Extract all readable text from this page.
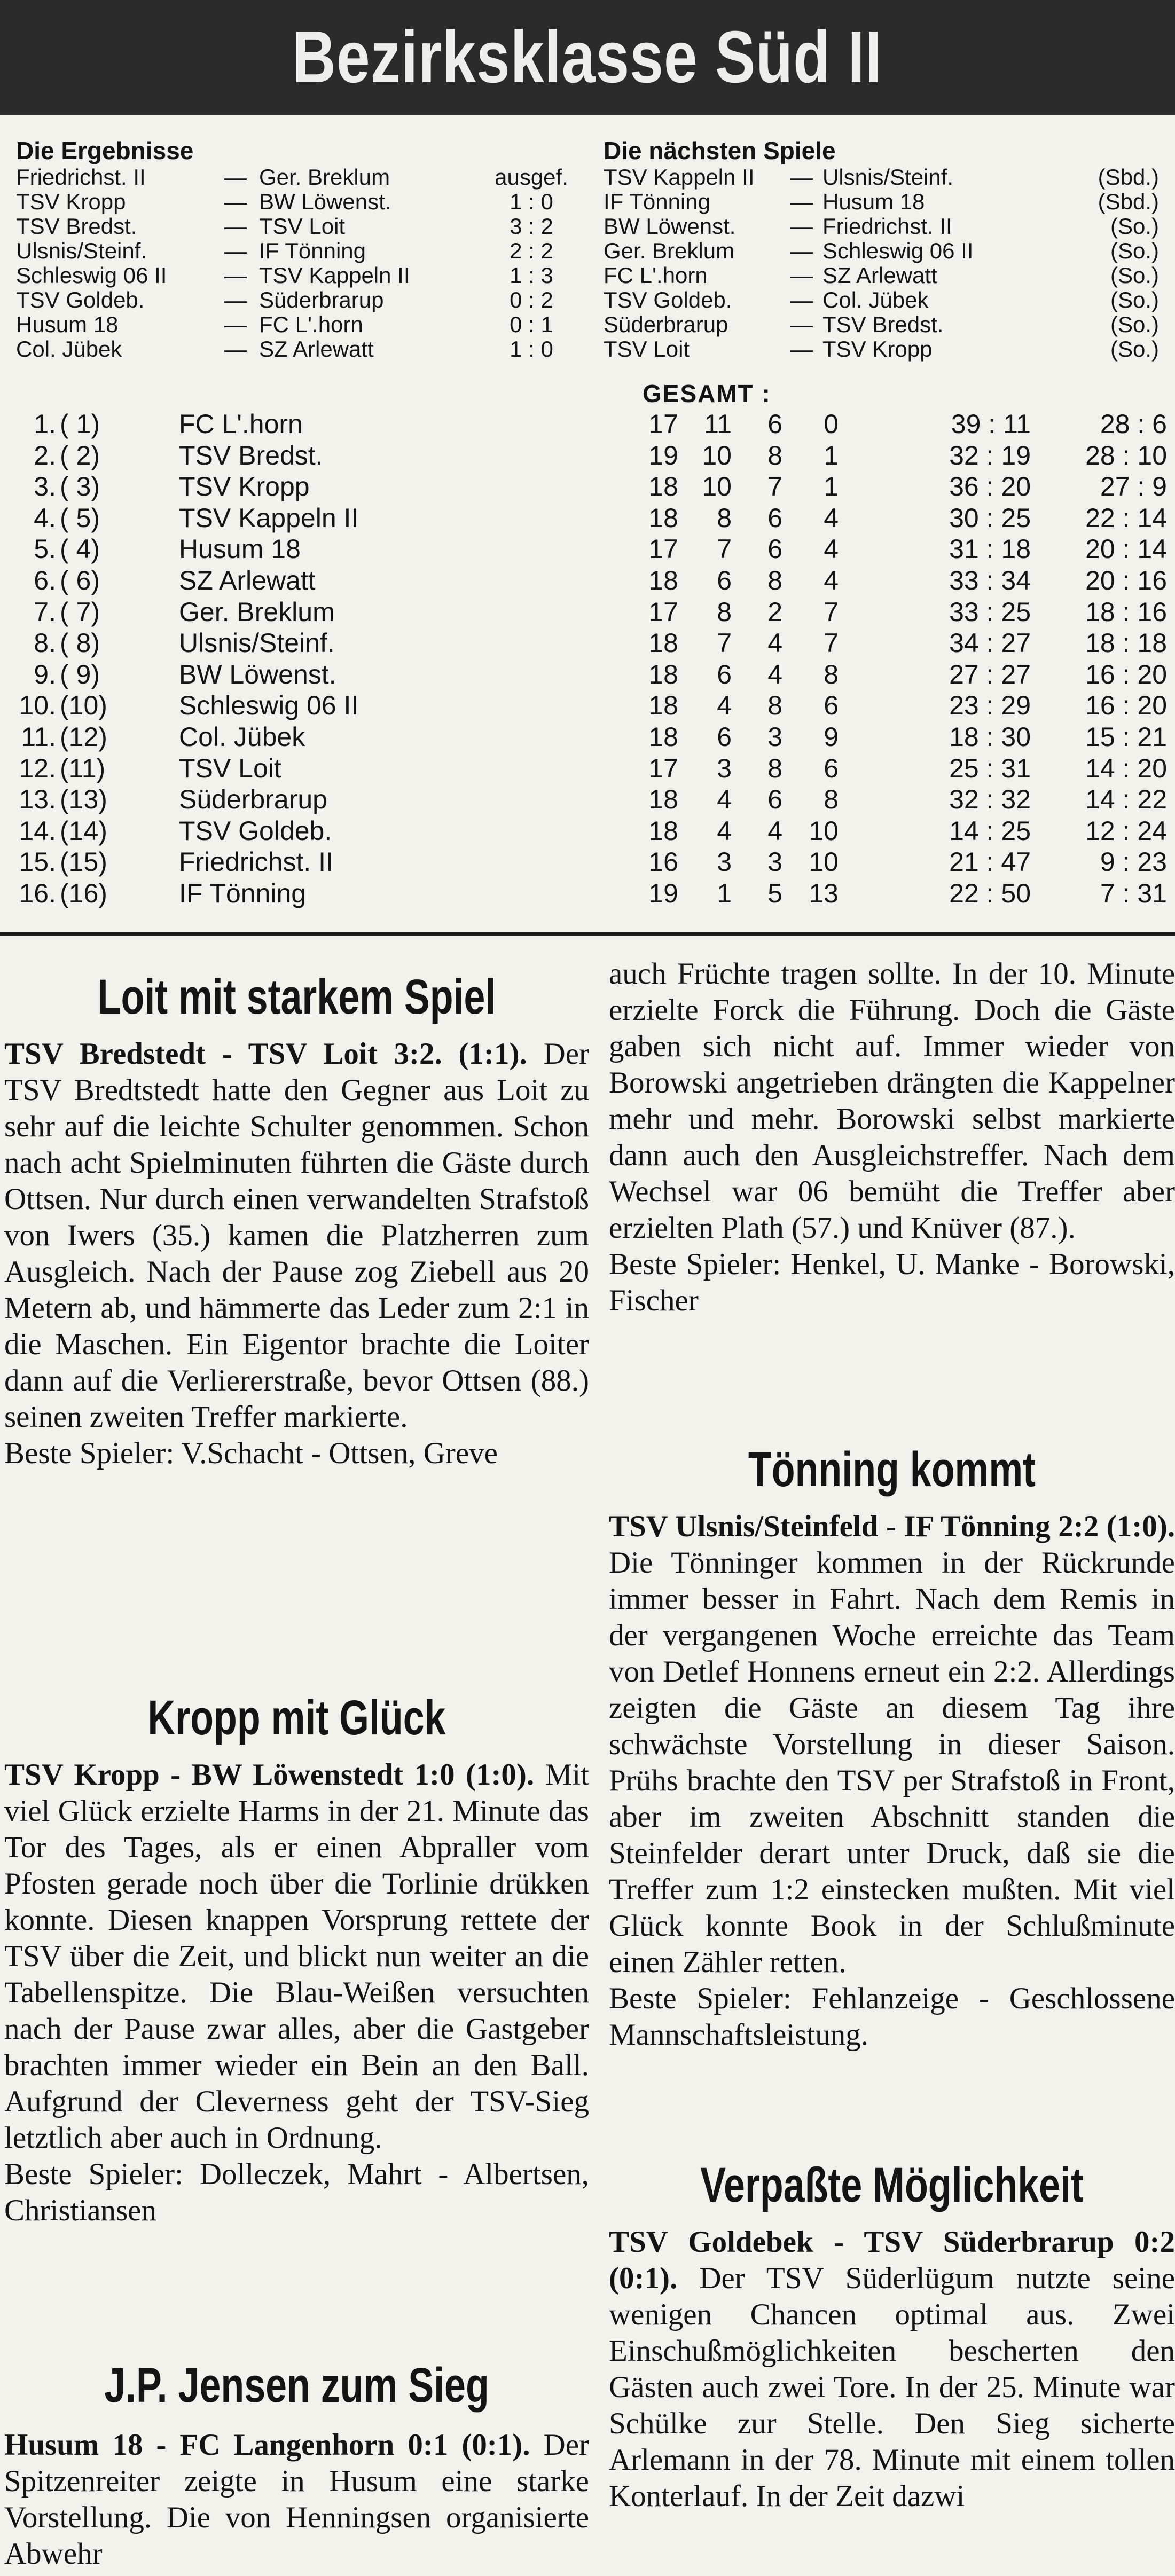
Bezirksklasse Süd II
Die Ergebnisse	Die nächsten Spiele
Friedrichst. II	— Ger. Breklum	ausgef.
TSV Kropp	— BW Löwenst.	1 : 0
TSV Bredst.	— TSV Loit	3 : 2
Ulsnis/Steinf.	— IF Tönning	2 : 2
Schleswig 06 II	— TSV Kappeln II	1 : 3
TSV Goldeb.	— Süderbrarup	0 : 2
Husum 18	— FC L'.horn	0 : 1
Col. Jübek	— SZ Arlewatt	1 : 0
TSV Kappeln II — Ulsnis/Steinf.	(Sbd.)
IF Tönning	— Husum 18	(Sbd.)
BW Löwenst. — Friedrichst. II	(So.)
Ger. Breklum — Schleswig 06 II	(So.)
FC L'.horn	— SZ Arlewatt	(So.)
TSV Goldeb.	— Col. Jübek	(So.)
Süderbrarup	— TSV Bredst.	(So.)
TSV Loit	— TSV Kropp	(So.)
GESAMT :
1. ( 1)	FC L'.horn	17 11	6	0	39 : 11	28 : 6
2. ( 2)	TSV Bredst.	19 10	8	1	32 : 19	28 : 10
3. ( 3)	TSV Kropp	18 10	7	1	36 : 20	27 : 9
4. ( 5)	TSV Kappeln II	18	8	6	4	30 : 25	22 : 14
5. ( 4)	Husum 18	17	7	6	4	31 : 18	20 : 14
6. ( 6)	SZ Arlewatt	18	6	8	4	33 : 34	20 : 16
7. ( 7)	Ger. Breklum	17	8	2	7	33 : 25	18 : 16
8. ( 8)	Ulsnis/Steinf.	18	7	4	7	34 : 27	18 : 18
9. ( 9)	BW Löwenst.	18	6	4	8	27 : 27	16 : 20
10. (10)	Schleswig 06 II	18	4	8	6	23 : 29	16 : 20
11. (12)	Col. Jübek	18	6	3	9	18 : 30	15 : 21
12. (11)	TSV Loit	17	3	8	6	25 : 31	14 : 20
13. (13)	Süderbrarup	18	4	6	8	32 : 32	14 : 22
14. (14)	TSV Goldeb.	18	4	4 10	14 : 25	12 : 24
15. (15)	Friedrichst. II	16	3	3 10	21 : 47	9 : 23
16. (16)	IF Tönning	19	1	5 13	22 : 50	7 : 31
Loit mit starkem Spiel
TSV Bredstedt - TSV Loit 3:2. (1:1). Der TSV Bredtstedt hatte den Gegner aus Loit zu sehr auf die leichte Schulter genommen. Schon nach acht Spielminuten führten die Gäste durch Ottsen. Nur durch einen verwandelten Strafstoß von Iwers (35.) kamen die Platzherren zum Ausgleich. Nach der Pause zog Ziebell aus 20 Metern ab, und hämmerte das Leder zum 2:1 in die Maschen. Ein Eigentor brachte die Loiter dann auf die Verliererstraße, bevor Ottsen (88.) seinen zweiten Treffer markierte.
Beste Spieler: V.Schacht - Ottsen, Greve
Kropp mit Glück
TSV Kropp - BW Löwenstedt 1:0 (1:0). Mit viel Glück erzielte Harms in der 21. Minute das Tor des Tages, als er einen Abpraller vom Pfosten gerade noch über die Torlinie drükken konnte. Diesen knappen Vorsprung rettete der TSV über die Zeit, und blickt nun weiter an die Tabellenspitze. Die Blau-Weißen versuchten nach der Pause zwar alles, aber die Gastgeber brachten immer wieder ein Bein an den Ball. Aufgrund der Cleverness geht der TSV-Sieg letztlich aber auch in Ordnung.
Beste Spieler: Dolleczek, Mahrt - Albertsen, Christiansen
J.P. Jensen zum Sieg
Husum 18 - FC Langenhorn 0:1 (0:1). Der Spitzenreiter zeigte in Husum eine starke Vorstellung. Die von Henningsen organisierte Abwehr
auch Früchte tragen sollte. In der 10. Minute erzielte Forck die Führung. Doch die Gäste gaben sich nicht auf. Immer wieder von Borowski angetrieben drängten die Kappelner mehr und mehr. Borowski selbst markierte dann auch den Ausgleichstreffer. Nach dem Wechsel war 06 bemüht die Treffer aber erzielten Plath (57.) und Knüver (87.).
Beste Spieler: Henkel, U. Manke - Borowski, Fischer
Tönning kommt
TSV Ulsnis/Steinfeld - IF Tönning 2:2 (1:0). Die Tönninger kommen in der Rückrunde immer besser in Fahrt. Nach dem Remis in der vergangenen Woche erreichte das Team von Detlef Honnens erneut ein 2:2. Allerdings zeigten die Gäste an diesem Tag ihre schwächste Vorstellung in dieser Saison. Prühs brachte den TSV per Strafstoß in Front, aber im zweiten Abschnitt standen die Steinfelder derart unter Druck, daß sie die Treffer zum 1:2 einstecken mußten. Mit viel Glück konnte Book in der Schlußminute einen Zähler retten.
Beste Spieler: Fehlanzeige - Geschlossene Mannschaftsleistung.
Verpaßte Möglichkeit
TSV Goldebek - TSV Süderbrarup 0:2 (0:1). Der TSV Süderlügum nutzte seine wenigen Chancen optimal aus. Zwei Einschußmöglichkeiten bescherten den Gästen auch zwei Tore. In der 25. Minute war Schülke zur Stelle. Den Sieg sicherte Arlemann in der 78. Minute mit einem tollen Konterlauf. In der Zeit dazwi
